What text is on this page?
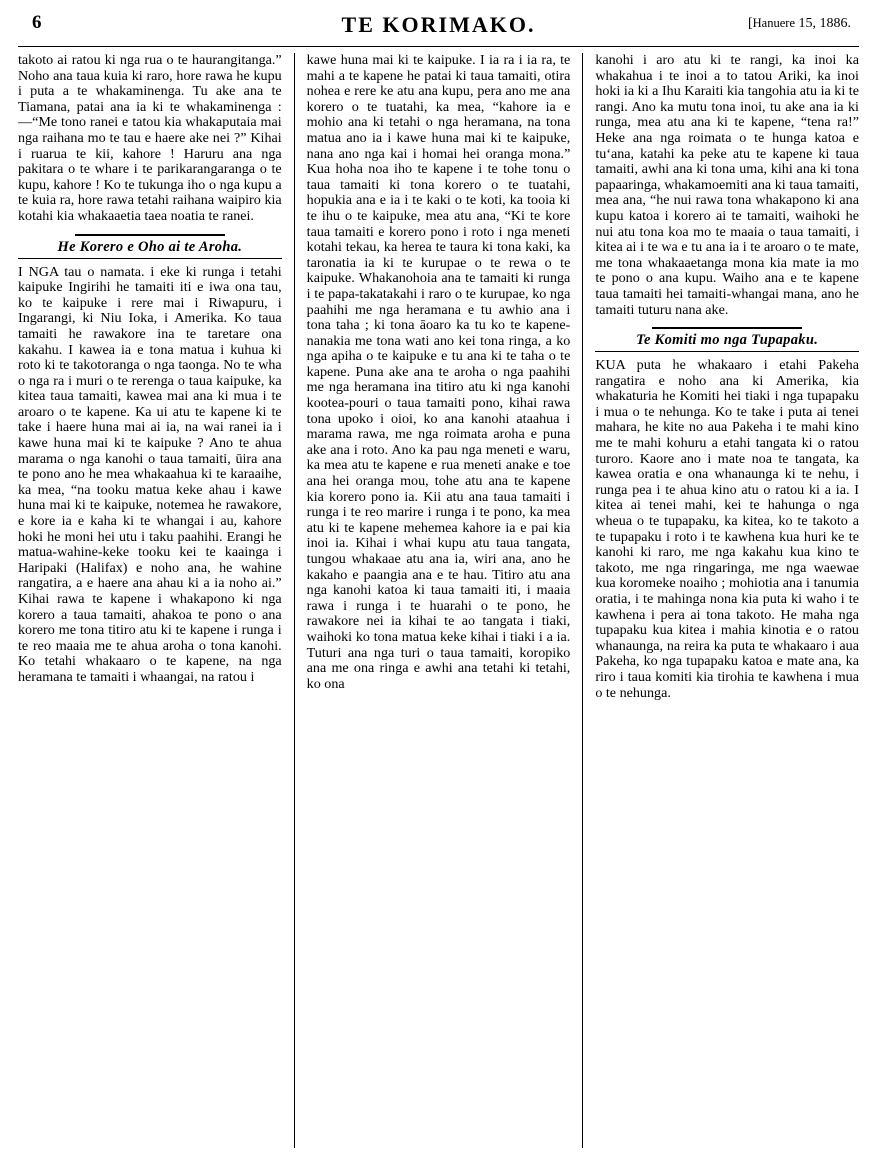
6	TE KORIMAKO.	[Hanuere 15, 1886.

takoto ai ratou ki nga rua o te haurangitanga.” Noho ana taua kuia ki raro, hore rawa he kupu i puta a te whakaminenga. Tu ake ana te Tiamana, patai ana ia ki te whakaminenga :—“Me tono ranei e tatou kia whakaputaia mai nga raihana mo te tau e haere ake nei ?” Kihai i ruarua te kii, kahore ! Haruru ana nga pakitara o te whare i te parikarangaranga o te kupu, kahore ! Ko te tukunga iho o nga kupu a te kuia ra, hore rawa tetahi raihana waipiro kia kotahi kia whakaaetia taea noatia te ranei.

He Korero e Oho ai te Aroha.

I NGA tau o namata. i eke ki runga i tetahi kaipuke Ingirihi he tamaiti iti e iwa ona tau, ko te kaipuke i rere mai i Riwapuru, i Ingarangi, ki Niu Ioka, i Amerika. Ko taua tamaiti he rawakore ina te taretare ona kakahu. I kawea ia e tona matua i kuhua ki roto ki te takotoranga o nga taonga. No te wha o nga ra i muri o te rerenga o taua kaipuke, ka kitea taua tamaiti, kawea mai ana ki mua i te aroaro o te kapene. Ka ui atu te kapene ki te take i haere huna mai ai ia, na wai ranei ia i kawe huna mai ki te kaipuke ? Ano te ahua marama o nga kanohi o taua tamaiti, ūira ana te pono ano he mea whakaahua ki te karaaihe, ka mea, “na tooku matua keke ahau i kawe huna mai ki te kaipuke, notemea he rawakore, e kore ia e kaha ki te whangai i au, kahore hoki he moni hei utu i taku paahihi. Erangi he matua-wahine-keke tooku kei te kaainga i Haripaki (Halifax) e noho ana, he wahine rangatira, a e haere ana ahau ki a ia noho ai.” Kihai rawa te kapene i whakapono ki nga korero a taua tamaiti, ahakoa te pono o ana korero me tona titiro atu ki te kapene i runga i te reo maaia me te ahua aroha o tona kanohi. Ko tetahi whakaaro o te kapene, na nga heramana te tamaiti i whaangai, na ratou i

kawe huna mai ki te kaipuke. I ia ra i ia ra, te mahi a te kapene he patai ki taua tamaiti, otira nohea e rere ke atu ana kupu, pera ano me ana korero o te tuatahi, ka mea, “kahore ia e mohio ana ki tetahi o nga heramana, na tona matua ano ia i kawe huna mai ki te kaipuke, nana ano nga kai i homai hei oranga mona.” Kua hoha noa iho te kapene i te tohe tonu o taua tamaiti ki tona korero o te tuatahi, hopukia ana e ia i te kaki o te koti, ka tooia ki te ihu o te kaipuke, mea atu ana, “Ki te kore taua tamaiti e korero pono i roto i nga meneti kotahi tekau, ka herea te taura ki tona kaki, ka taronatia ia ki te kurupae o te rewa o te kaipuke. Whakanohoia ana te tamaiti ki runga i te papa-takatakahi i raro o te kurupae, ko nga paahihi me nga heramana e tu awhio ana i tona taha ; ki tona āoaro ka tu ko te kapene-nanakia me tona wati ano kei tona ringa, a ko nga apiha o te kaipuke e tu ana ki te taha o te kapene. Puna ake ana te aroha o nga paahihi me nga heramana ina titiro atu ki nga kanohi kootea-pouri o taua tamaiti pono, kihai rawa tona upoko i oioi, ko ana kanohi ataahua i marama rawa, me nga roimata aroha e puna ake ana i roto. Ano ka pau nga meneti e waru, ka mea atu te kapene e rua meneti anake e toe ana hei oranga mou, tohe atu ana te kapene kia korero pono ia. Kii atu ana taua tamaiti i runga i te reo marire i runga i te pono, ka mea atu ki te kapene mehemea kahore ia e pai kia inoi ia. Kihai i whai kupu atu taua tangata, tungou whakaae atu ana ia, wiri ana, ano he kakaho e paangia ana e te hau. Titiro atu ana nga kanohi katoa ki taua tamaiti iti, i maaia rawa i runga i te huarahi o te pono, he rawakore nei ia kihai te ao tangata i tiaki, waihoki ko tona matua keke kihai i tiaki i a ia. Tuturi ana nga turi o taua tamaiti, koropiko ana me ona ringa e awhi ana tetahi ki tetahi, ko ona

kanohi i aro atu ki te rangi, ka inoi ka whakahua i te inoi a to tatou Ariki, ka inoi hoki ia ki a Ihu Karaiti kia tangohia atu ia ki te rangi. Ano ka mutu tona inoi, tu ake ana ia ki runga, mea atu ana ki te kapene, “tena ra!” Heke ana nga roimata o te hunga katoa e tuʻana, katahi ka peke atu te kapene ki taua tamaiti, awhi ana ki tona uma, kihi ana ki tona papaaringa, whakamoemiti ana ki taua tamaiti, mea ana, “he nui rawa tona whakapono ki ana kupu katoa i korero ai te tamaiti, waihoki he nui atu tona koa mo te maaia o taua tamaiti, i kitea ai i te wa e tu ana ia i te aroaro o te mate, me tona whakaaetanga mona kia mate ia mo te pono o ana kupu. Waiho ana e te kapene taua tamaiti hei tamaiti-whangai mana, ano he tamaiti tuturu nana ake.

Te Komiti mo nga Tupapaku.

KUA puta he whakaaro i etahi Pakeha rangatira e noho ana ki Amerika, kia whakaturia he Komiti hei tiaki i nga tupapaku i mua o te nehunga. Ko te take i puta ai tenei mahara, he kite no aua Pakeha i te mahi kino me te mahi kohuru a etahi tangata ki o ratou turoro. Kaore ano i mate noa te tangata, ka kawea oratia e ona whanaunga ki te nehu, i runga pea i te ahua kino atu o ratou ki a ia. I kitea ai tenei mahi, kei te hahunga o nga wheua o te tupapaku, ka kitea, ko te takoto a te tupapaku i roto i te kawhena kua huri ke te kanohi ki raro, me nga kakahu kua kino te takoto, me nga ringaringa, me nga waewae kua koromeke noaiho ; mohiotia ana i tanumia oratia, i te mahinga nona kia puta ki waho i te kawhena i pera ai tona takoto. He maha nga tupapaku kua kitea i mahia kinotia e o ratou whanaunga, na reira ka puta te whakaaro i aua Pakeha, ko nga tupapaku katoa e mate ana, ka riro i taua komiti kia tirohia te kawhena i mua o te nehunga.
